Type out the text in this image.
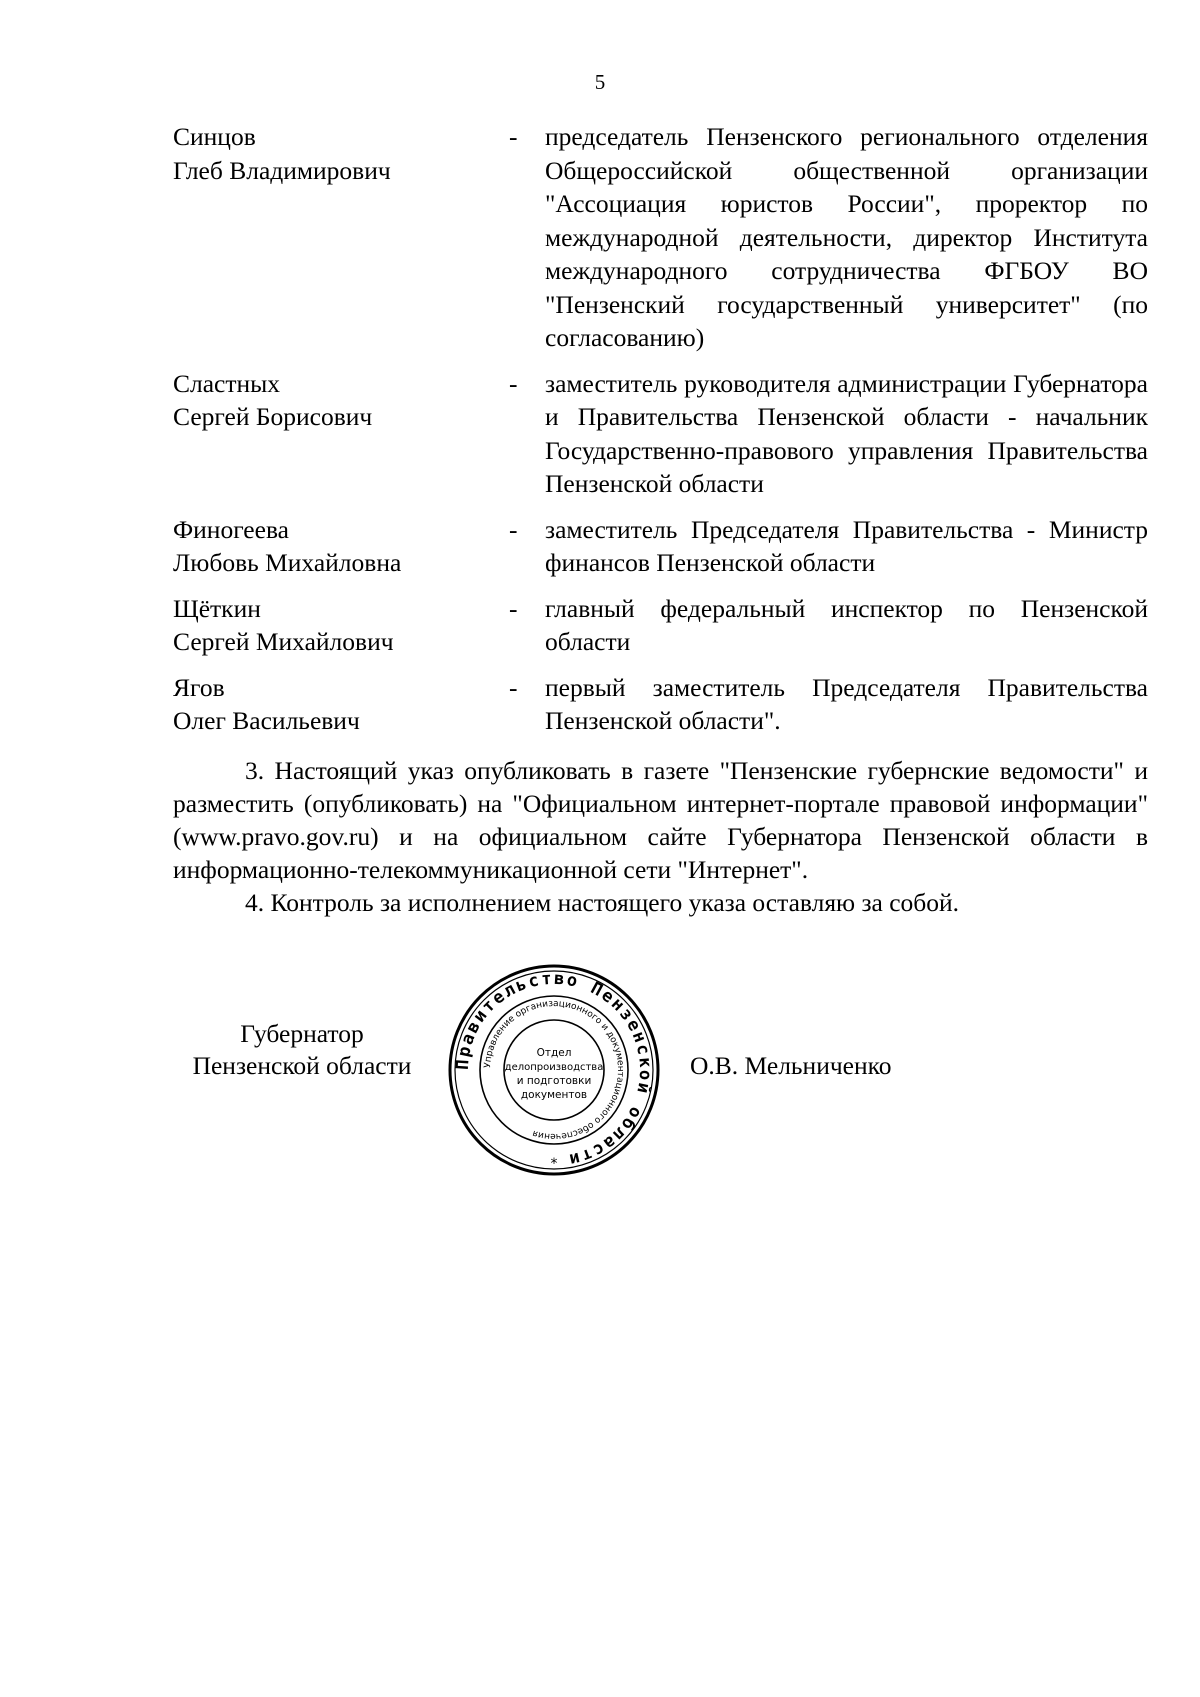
5
Синцов
Глеб Владимирович
-	председатель Пензенского регионального отделения Общероссийской общественной организации "Ассоциация юристов России", проректор по международной деятельности, директор Института международного сотрудничества ФГБОУ ВО "Пензенский государственный университет" (по согласованию)
Сластных
Сергей Борисович
-	заместитель руководителя администрации Губернатора и Правительства Пензенской области - начальник Государственно-правового управления Правительства Пензенской области
Финогеева
Любовь Михайловна
-	заместитель Председателя Правительства - Министр финансов Пензенской области
Щёткин
Сергей Михайлович
-	главный федеральный инспектор по Пензенской области
Ягов
Олег Васильевич
-	первый заместитель Председателя Правительства Пензенской области".

3. Настоящий указ опубликовать в газете "Пензенские губернские ведомости" и разместить (опубликовать) на "Официальном интернет-портале правовой информации" (www.pravo.gov.ru) и на официальном сайте Губернатора Пензенской области в информационно-телекоммуникационной сети "Интернет".

4. Контроль за исполнением настоящего указа оставляю за собой.

Губернатор
Пензенской области	Правительство Пензенской области
Управление организационного и документационного обеспечения
Отдел
делопроизводства
и подготовки
документов
*
О.В. Мельниченко
